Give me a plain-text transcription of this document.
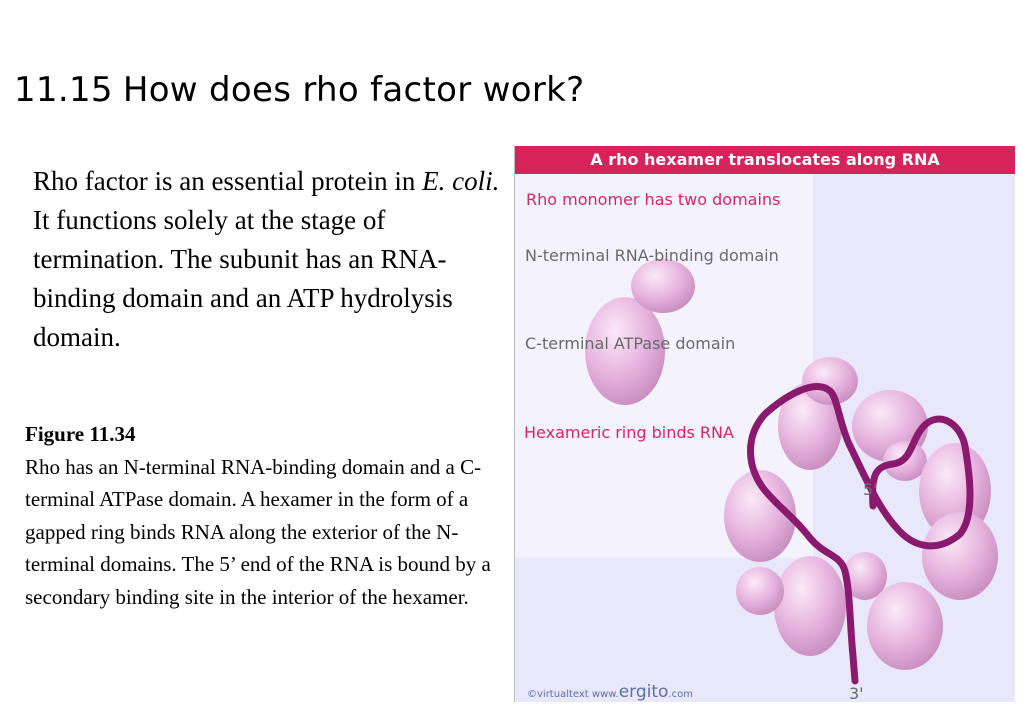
11.15 How does rho factor work?
Rho factor is an essential protein in E. coli. It functions solely at the stage of termination. The subunit has an RNA-binding domain and an ATP hydrolysis domain.
Figure 11.34
Rho has an N-terminal RNA-binding domain and a C-terminal ATPase domain. A hexamer in the form of a gapped ring binds RNA along the exterior of the N-terminal domains. The 5’ end of the RNA is bound by a secondary binding site in the interior of the hexamer.
A rho hexamer translocates along RNA
Rho monomer has two domains
N-terminal RNA-binding domain
C-terminal ATPase domain
Hexameric ring binds RNA
5'
3'
©virtualtext www.ergito.com
